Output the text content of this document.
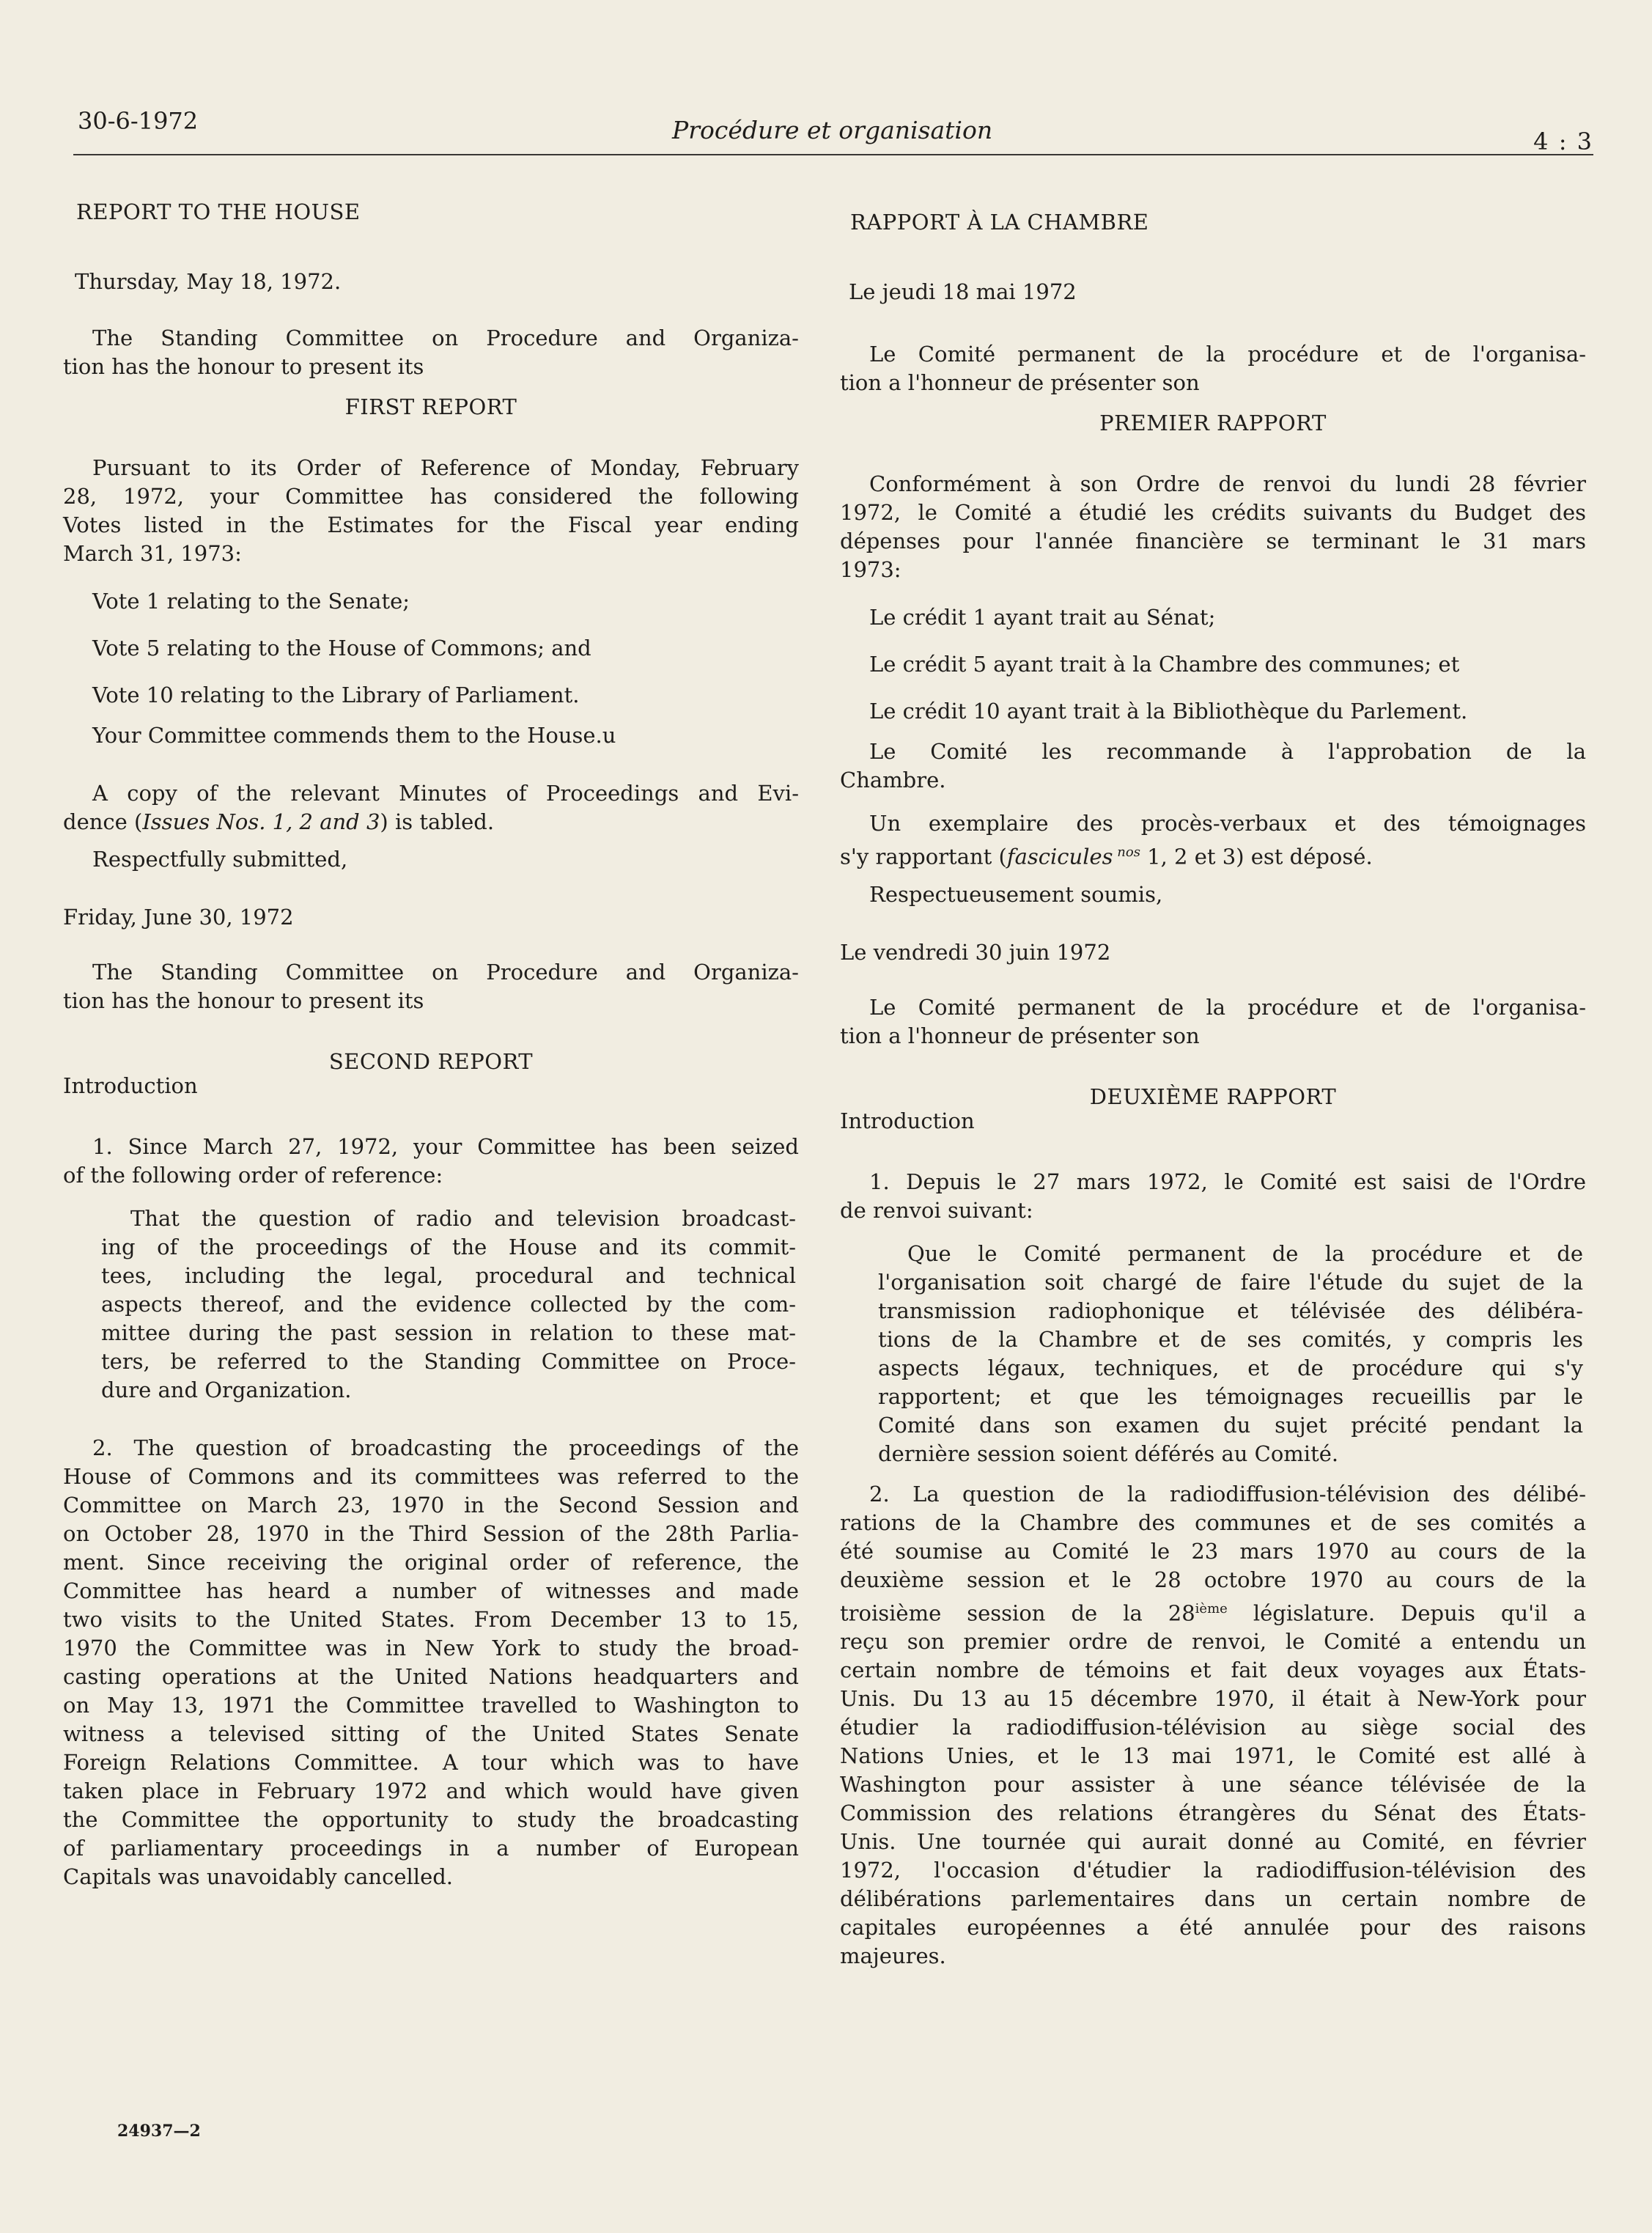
30-6-1972	Procédure et organisation	4 : 3

REPORT TO THE HOUSE

Thursday, May 18, 1972.

The Standing Committee on Procedure and Organiza-

tion has the honour to present its

FIRST REPORT

Pursuant to its Order of Reference of Monday, February

28, 1972, your Committee has considered the following

Votes listed in the Estimates for the Fiscal year ending

March 31, 1973:

Vote 1 relating to the Senate;

Vote 5 relating to the House of Commons; and

Vote 10 relating to the Library of Parliament.

Your Committee commends them to the House.u

A copy of the relevant Minutes of Proceedings and Evi-

dence (Issues Nos. 1, 2 and 3) is tabled.

Respectfully submitted,

Friday, June 30, 1972

The Standing Committee on Procedure and Organiza-

tion has the honour to present its

SECOND REPORT

Introduction

1. Since March 27, 1972, your Committee has been seized

of the following order of reference:

That the question of radio and television broadcast-

ing of the proceedings of the House and its commit-

tees, including the legal, procedural and technical

aspects thereof, and the evidence collected by the com-

mittee during the past session in relation to these mat-

ters, be referred to the Standing Committee on Proce-

dure and Organization.

2. The question of broadcasting the proceedings of the

House of Commons and its committees was referred to the

Committee on March 23, 1970 in the Second Session and

on October 28, 1970 in the Third Session of the 28th Parlia-

ment. Since receiving the original order of reference, the

Committee has heard a number of witnesses and made

two visits to the United States. From December 13 to 15,

1970 the Committee was in New York to study the broad-

casting operations at the United Nations headquarters and

on May 13, 1971 the Committee travelled to Washington to

witness a televised sitting of the United States Senate

Foreign Relations Committee. A tour which was to have

taken place in February 1972 and which would have given

the Committee the opportunity to study the broadcasting

of parliamentary proceedings in a number of European

Capitals was unavoidably cancelled.

RAPPORT À LA CHAMBRE

Le jeudi 18 mai 1972

Le Comité permanent de la procédure et de l'organisa-

tion a l'honneur de présenter son

PREMIER RAPPORT

Conformément à son Ordre de renvoi du lundi 28 février

1972, le Comité a étudié les crédits suivants du Budget des

dépenses pour l'année financière se terminant le 31 mars

1973:

Le crédit 1 ayant trait au Sénat;

Le crédit 5 ayant trait à la Chambre des communes; et

Le crédit 10 ayant trait à la Bibliothèque du Parlement.

Le Comité les recommande à l'approbation de la

Chambre.

Un exemplaire des procès-verbaux et des témoignages

s'y rapportant (fascicules $^{nos}$ 1, 2 et 3) est déposé.

Respectueusement soumis,

Le vendredi 30 juin 1972

Le Comité permanent de la procédure et de l'organisa-

tion a l'honneur de présenter son

DEUXIÈME RAPPORT

Introduction

1. Depuis le 27 mars 1972, le Comité est saisi de l'Ordre

de renvoi suivant:

Que le Comité permanent de la procédure et de

l'organisation soit chargé de faire l'étude du sujet de la

transmission radiophonique et télévisée des délibéra-

tions de la Chambre et de ses comités, y compris les

aspects légaux, techniques, et de procédure qui s'y

rapportent; et que les témoignages recueillis par le

Comité dans son examen du sujet précité pendant la

dernière session soient déférés au Comité.

2. La question de la radiodiffusion-télévision des délibé-

rations de la Chambre des communes et de ses comités a

été soumise au Comité le 23 mars 1970 au cours de la

deuxième session et le 28 octobre 1970 au cours de la

troisième session de la 28ième législature. Depuis qu'il a

reçu son premier ordre de renvoi, le Comité a entendu un

certain nombre de témoins et fait deux voyages aux États-

Unis. Du 13 au 15 décembre 1970, il était à New-York pour

étudier la radiodiffusion-télévision au siège social des

Nations Unies, et le 13 mai 1971, le Comité est allé à

Washington pour assister à une séance télévisée de la

Commission des relations étrangères du Sénat des États-

Unis. Une tournée qui aurait donné au Comité, en février

1972, l'occasion d'étudier la radiodiffusion-télévision des

délibérations parlementaires dans un certain nombre de

capitales européennes a été annulée pour des raisons

majeures.

24937—2
